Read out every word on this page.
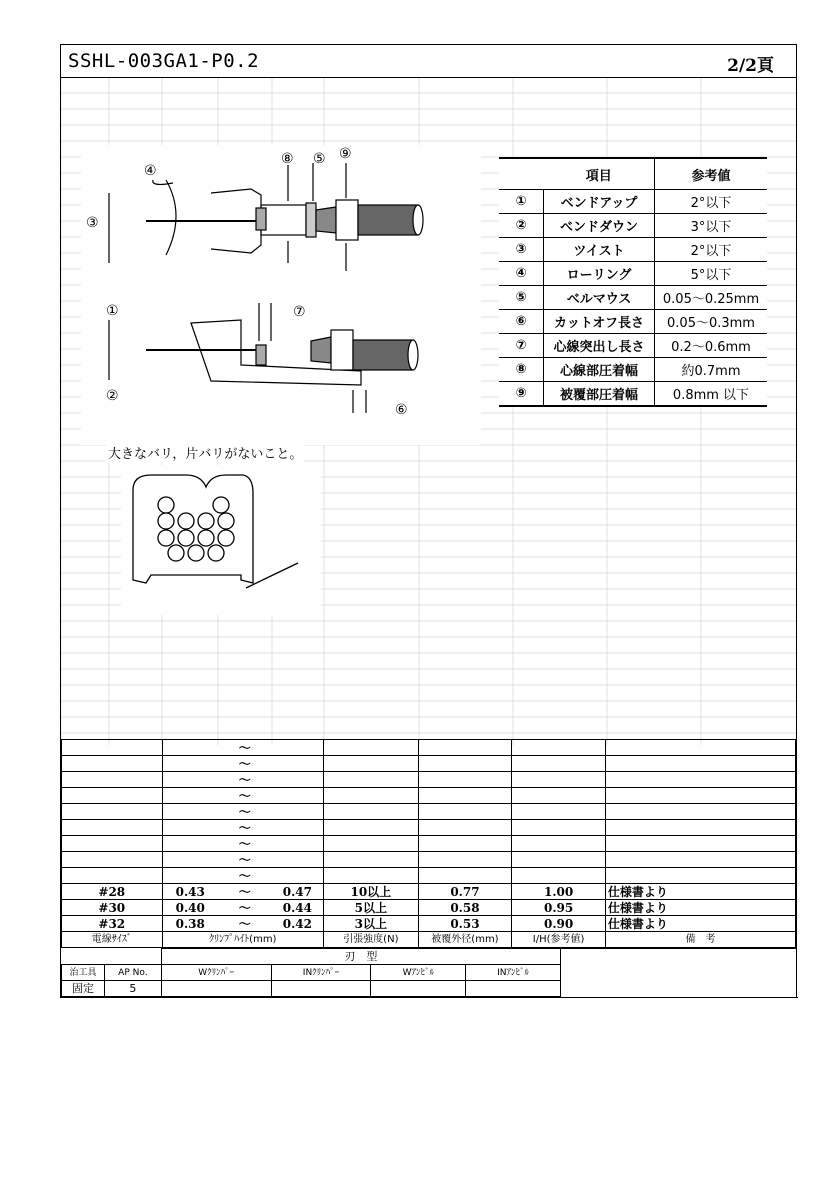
SSHL-003GA1-P0.2	2/2頁
④
③
⑧ ⑤ ⑨
①
②
⑦
⑥
大きなバリ，片バリがないこと。
	項目	参考値
①	ベンドアップ	2°以下
②	ベンドダウン	3°以下
③	ツイスト	2°以下
④	ローリング	5°以下
⑤	ベルマウス	0.05～0.25mm
⑥	カットオフ長さ	0.05～0.3mm
⑦	心線突出し長さ	0.2～0.6mm
⑧	心線部圧着幅	約0.7mm
⑨	被覆部圧着幅	0.8mm 以下
		～						
		～						
		～						
		～						
		～						
		～						
		～						
		～						
		～						
#28	0.43	～	0.47	10以上	0.77	1.00	仕様書より	
#30	0.40	～	0.44	5以上	0.58	0.95	仕様書より	
#32	0.38	～	0.42	3以上	0.53	0.90	仕様書より	
電線ｻｲｽﾞ	ｸﾘﾝﾌﾟﾊｲﾄ(mm)			引張強度(N)	被覆外径(mm)	I/H(参考値)	備　考	
		刃　型				
治工具	AP No.	Wｸﾘﾝﾊﾟｰ	INｸﾘﾝﾊﾟｰ	Wｱﾝﾋﾞﾙ	INｱﾝﾋﾞﾙ	
固定	5					
